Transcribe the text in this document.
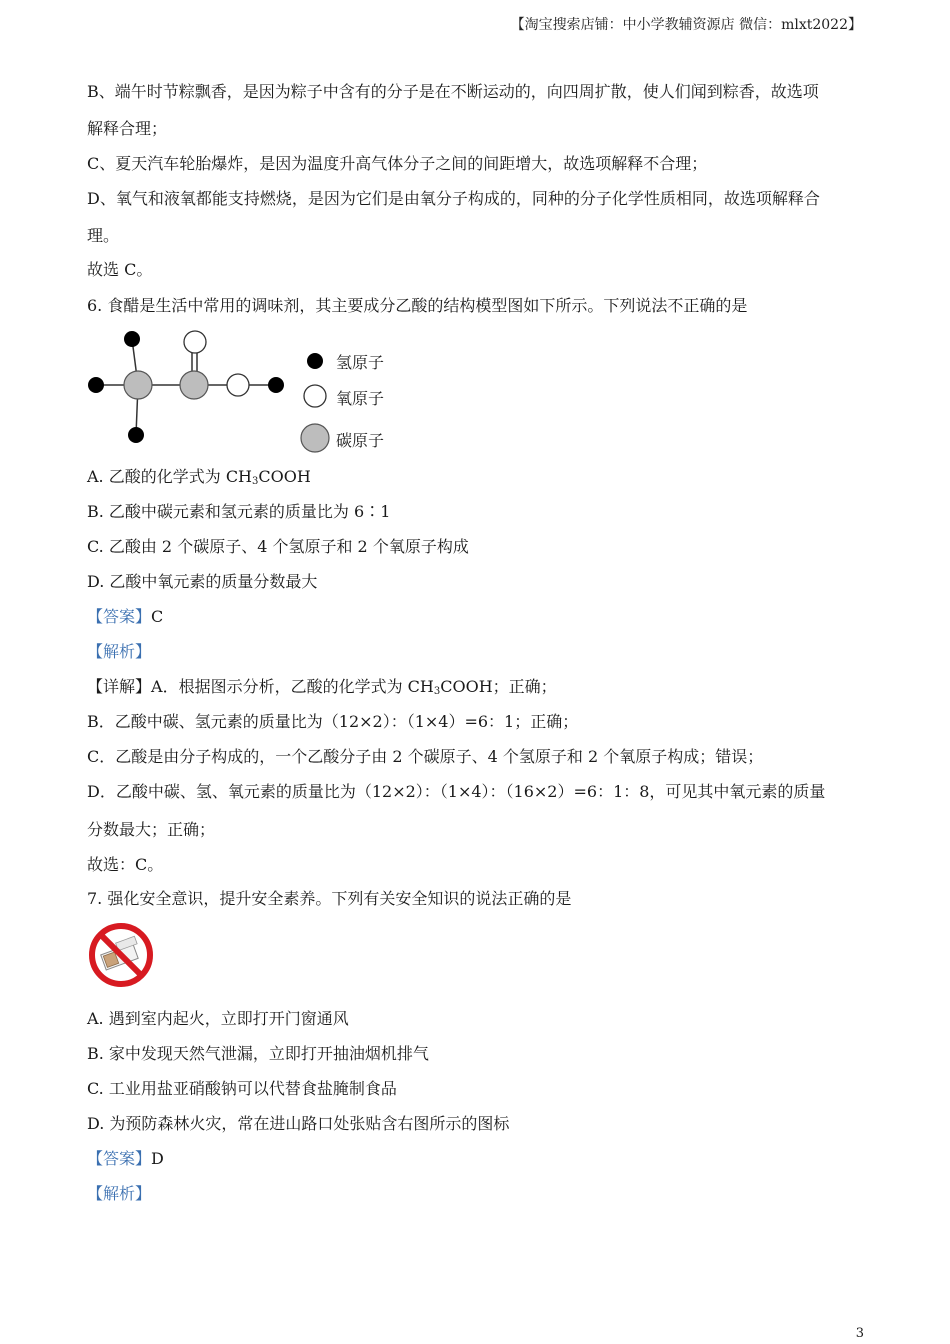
【淘宝搜索店铺：中小学教辅资源店 微信：mlxt2022】
B、端午时节粽飘香，是因为粽子中含有的分子是在不断运动的，向四周扩散，使人们闻到粽香，故选项
解释合理；
C、夏天汽车轮胎爆炸，是因为温度升高气体分子之间的间距增大，故选项解释不合理；
D、氧气和液氧都能支持燃烧，是因为它们是由氧分子构成的，同种的分子化学性质相同，故选项解释合
理。
故选 C。
6. 食醋是生活中常用的调味剂，其主要成分乙酸的结构模型图如下所示。下列说法不正确的是
氢原子
氧原子
碳原子
A. 乙酸的化学式为 $CH_3COOH$
B. 乙酸中碳元素和氢元素的质量比为 6∶1
C. 乙酸由 2 个碳原子、4 个氢原子和 2 个氧原子构成
D. 乙酸中氧元素的质量分数最大
【答案】C
【解析】
【详解】A．根据图示分析，乙酸的化学式为 $CH_3COOH$；正确；
B．乙酸中碳、氢元素的质量比为（12×2）：（1×4）=6：1；正确；
C．乙酸是由分子构成的，一个乙酸分子由 2 个碳原子、4 个氢原子和 2 个氧原子构成；错误；
D．乙酸中碳、氢、氧元素的质量比为（12×2）：（1×4）：（16×2）=6：1：8，可见其中氧元素的质量
分数最大；正确；
故选：C。
7. 强化安全意识，提升安全素养。下列有关安全知识的说法正确的是
A. 遇到室内起火，立即打开门窗通风
B. 家中发现天然气泄漏，立即打开抽油烟机排气
C. 工业用盐亚硝酸钠可以代替食盐腌制食品
D. 为预防森林火灾，常在进山路口处张贴含右图所示的图标
【答案】D
【解析】
3
